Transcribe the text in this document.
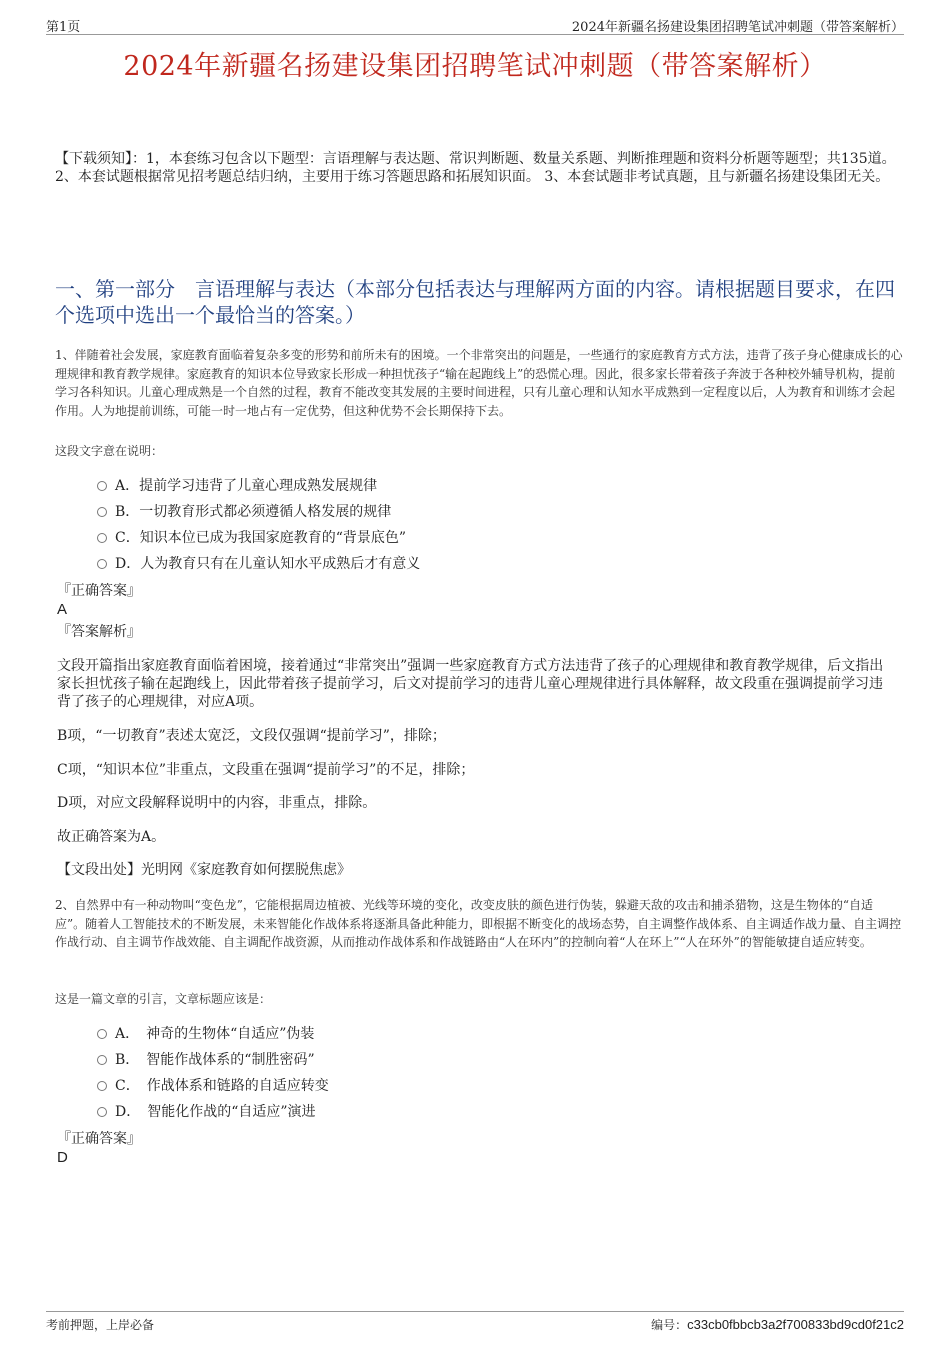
第1页	2024年新疆名扬建设集团招聘笔试冲刺题（带答案解析）
2024年新疆名扬建设集团招聘笔试冲刺题（带答案解析）
【下载须知】：1，本套练习包含以下题型：言语理解与表达题、常识判断题、数量关系题、判断推理题和资料分析题等题型；共135道。 2、本套试题根据常见招考题总结归纳，主要用于练习答题思路和拓展知识面。 3、本套试题非考试真题，且与新疆名扬建设集团无关。
一、第一部分　言语理解与表达（本部分包括表达与理解两方面的内容。请根据题目要求，在四个选项中选出一个最恰当的答案。）
1、伴随着社会发展，家庭教育面临着复杂多变的形势和前所未有的困境。一个非常突出的问题是，一些通行的家庭教育方式方法，违背了孩子身心健康成长的心理规律和教育教学规律。家庭教育的知识本位导致家长形成一种担忧孩子“输在起跑线上”的恐慌心理。因此，很多家长带着孩子奔波于各种校外辅导机构，提前学习各科知识。儿童心理成熟是一个自然的过程，教育不能改变其发展的主要时间进程，只有儿童心理和认知水平成熟到一定程度以后，人为教育和训练才会起作用。人为地提前训练，可能一时一地占有一定优势，但这种优势不会长期保持下去。
这段文字意在说明：
A．提前学习违背了儿童心理成熟发展规律
B．一切教育形式都必须遵循人格发展的规律
C．知识本位已成为我国家庭教育的“背景底色”
D．人为教育只有在儿童认知水平成熟后才有意义
『正确答案』
A
『答案解析』
文段开篇指出家庭教育面临着困境，接着通过“非常突出”强调一些家庭教育方式方法违背了孩子的心理规律和教育教学规律，后文指出家长担忧孩子输在起跑线上，因此带着孩子提前学习，后文对提前学习的违背儿童心理规律进行具体解释，故文段重在强调提前学习违背了孩子的心理规律，对应A项。
B项，“一切教育”表述太宽泛，文段仅强调“提前学习”，排除；
C项，“知识本位”非重点，文段重在强调“提前学习”的不足，排除；
D项，对应文段解释说明中的内容，非重点，排除。
故正确答案为A。
【文段出处】光明网《家庭教育如何摆脱焦虑》
2、自然界中有一种动物叫“变色龙”，它能根据周边植被、光线等环境的变化，改变皮肤的颜色进行伪装，躲避天敌的攻击和捕杀猎物，这是生物体的“自适应”。随着人工智能技术的不断发展，未来智能化作战体系将逐渐具备此种能力，即根据不断变化的战场态势，自主调整作战体系、自主调适作战力量、自主调控作战行动、自主调节作战效能、自主调配作战资源，从而推动作战体系和作战链路由“人在环内”的控制向着“人在环上”“人在环外”的智能敏捷自适应转变。
这是一篇文章的引言，文章标题应该是：
A．　神奇的生物体“自适应”伪装
B．　智能作战体系的“制胜密码”
C．　作战体系和链路的自适应转变
D．　智能化作战的“自适应”演进
『正确答案』
D
考前押题，上岸必备	编号：c33cb0fbbcb3a2f700833bd9cd0f21c2
